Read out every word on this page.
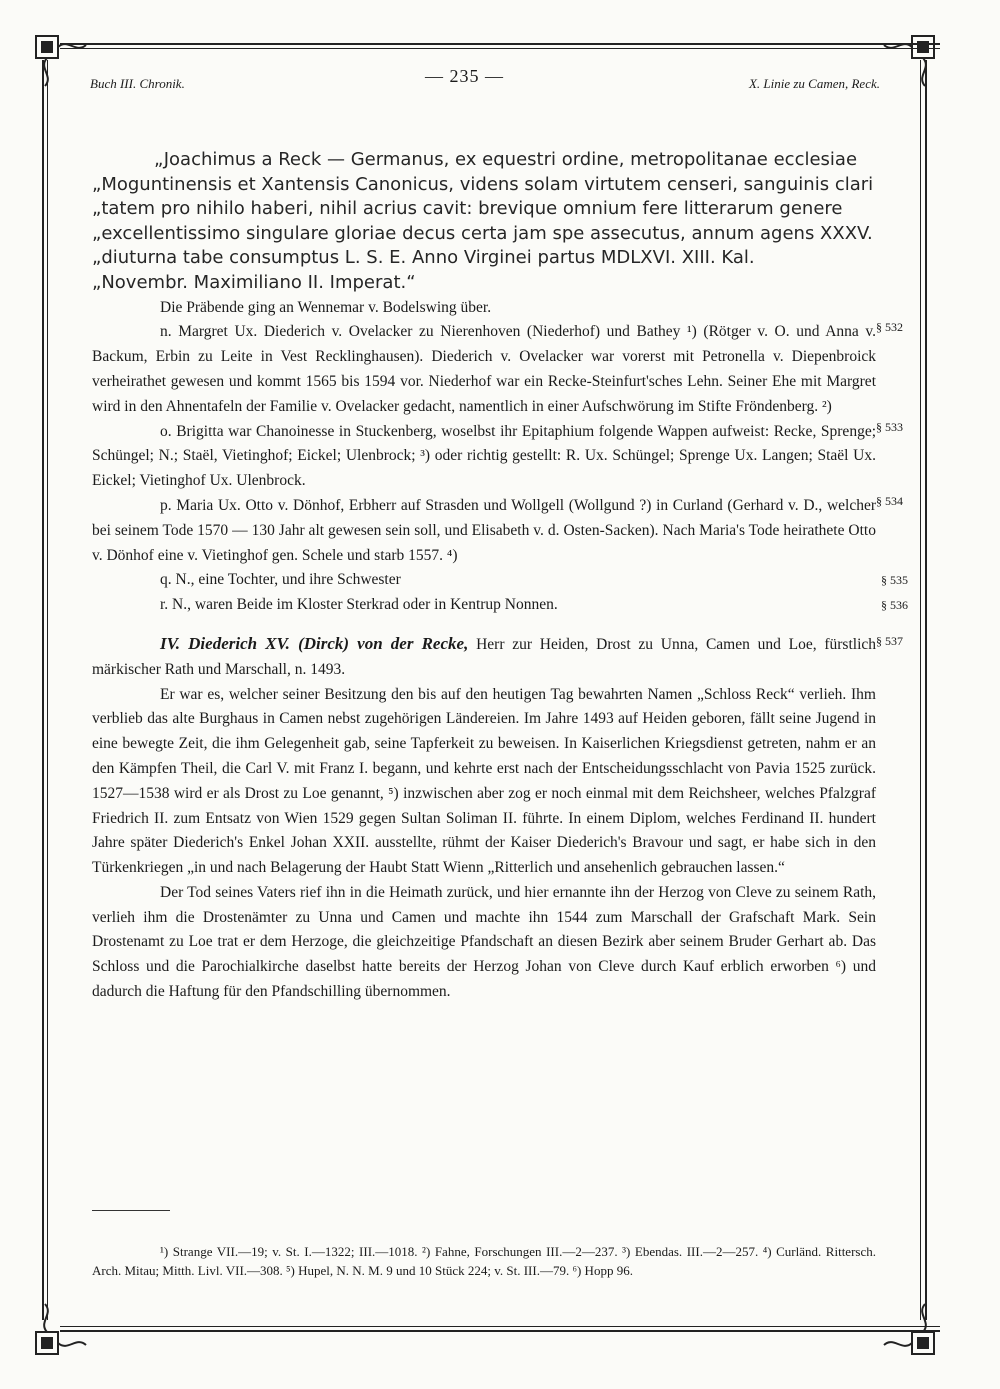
Buch III. Chronik.	— 235 —	X. Linie zu Camen, Reck.
„Joachimus a Reck — Germanus, ex equestri ordine, metropolitanae ecclesiae
„Moguntinensis et Xantensis Canonicus, videns solam virtutem censeri, sanguinis clari
„tatem pro nihilo haberi, nihil acrius cavit: brevique omnium fere litterarum genere
„excellentissimo singulare gloriae decus certa jam spe assecutus, annum agens XXXV.
„diuturna tabe consumptus L. S. E. Anno Virginei partus MDLXVI. XIII. Kal.
„Novembr. Maximiliano II. Imperat.“

Die Präbende ging an Wennemar v. Bodelswing über.

§ 532

n. Margret Ux. Diederich v. Ovelacker zu Nierenhoven (Niederhof) und Bathey ¹) (Rötger v. O. und Anna v. Backum, Erbin zu Leite in Vest Recklinghausen). Diederich v. Ovelacker war vorerst mit Petronella v. Diepenbroick verheirathet gewesen und kommt 1565 bis 1594 vor. Niederhof war ein Recke-Steinfurt'sches Lehn. Seiner Ehe mit Margret wird in den Ahnentafeln der Familie v. Ovelacker gedacht, namentlich in einer Aufschwörung im Stifte Fröndenberg. ²)

§ 533

o. Brigitta war Chanoinesse in Stuckenberg, woselbst ihr Epitaphium folgende Wappen aufweist: Recke, Sprenge; Schüngel; N.; Staël, Vietinghof; Eickel; Ulenbrock; ³) oder richtig gestellt: R. Ux. Schüngel; Sprenge Ux. Langen; Staël Ux. Eickel; Vietinghof Ux. Ulenbrock.

§ 534

p. Maria Ux. Otto v. Dönhof, Erbherr auf Strasden und Wollgell (Wollgund ?) in Curland (Gerhard v. D., welcher bei seinem Tode 1570 — 130 Jahr alt gewesen sein soll, und Elisabeth v. d. Osten-Sacken). Nach Maria's Tode heirathete Otto v. Dönhof eine v. Vietinghof gen. Schele und starb 1557. ⁴)

q. N., eine Tochter, und ihre Schwester	§ 535
r. N., waren Beide im Kloster Sterkrad oder in Kentrup Nonnen.	§ 536
§ 537

IV. Diederich XV. (Dirck) von der Recke, Herr zur Heiden, Drost zu Unna, Camen und Loe, fürstlich märkischer Rath und Marschall, n. 1493.

Er war es, welcher seiner Besitzung den bis auf den heutigen Tag bewahrten Namen „Schloss Reck“ verlieh. Ihm verblieb das alte Burghaus in Camen nebst zugehörigen Ländereien. Im Jahre 1493 auf Heiden geboren, fällt seine Jugend in eine bewegte Zeit, die ihm Gelegenheit gab, seine Tapferkeit zu beweisen. In Kaiserlichen Kriegsdienst getreten, nahm er an den Kämpfen Theil, die Carl V. mit Franz I. begann, und kehrte erst nach der Entscheidungsschlacht von Pavia 1525 zurück. 1527—1538 wird er als Drost zu Loe genannt, ⁵) inzwischen aber zog er noch einmal mit dem Reichsheer, welches Pfalzgraf Friedrich II. zum Entsatz von Wien 1529 gegen Sultan Soliman II. führte. In einem Diplom, welches Ferdinand II. hundert Jahre später Diederich's Enkel Johan XXII. ausstellte, rühmt der Kaiser Diederich's Bravour und sagt, er habe sich in den Türkenkriegen „in und nach Belagerung der Haubt Statt Wienn „Ritterlich und ansehenlich gebrauchen lassen.“

Der Tod seines Vaters rief ihn in die Heimath zurück, und hier ernannte ihn der Herzog von Cleve zu seinem Rath, verlieh ihm die Drostenämter zu Unna und Camen und machte ihn 1544 zum Marschall der Grafschaft Mark. Sein Drostenamt zu Loe trat er dem Herzoge, die gleichzeitige Pfandschaft an diesen Bezirk aber seinem Bruder Gerhart ab. Das Schloss und die Parochialkirche daselbst hatte bereits der Herzog Johan von Cleve durch Kauf erblich erworben ⁶) und dadurch die Haftung für den Pfandschilling übernommen.

¹) Strange VII.—19; v. St. I.—1322; III.—1018. ²) Fahne, Forschungen III.—2—237. ³) Ebendas. III.—2—257. ⁴) Curländ. Rittersch. Arch. Mitau; Mitth. Livl. VII.—308. ⁵) Hupel, N. N. M. 9 und 10 Stück 224; v. St. III.—79. ⁶) Hopp 96.
